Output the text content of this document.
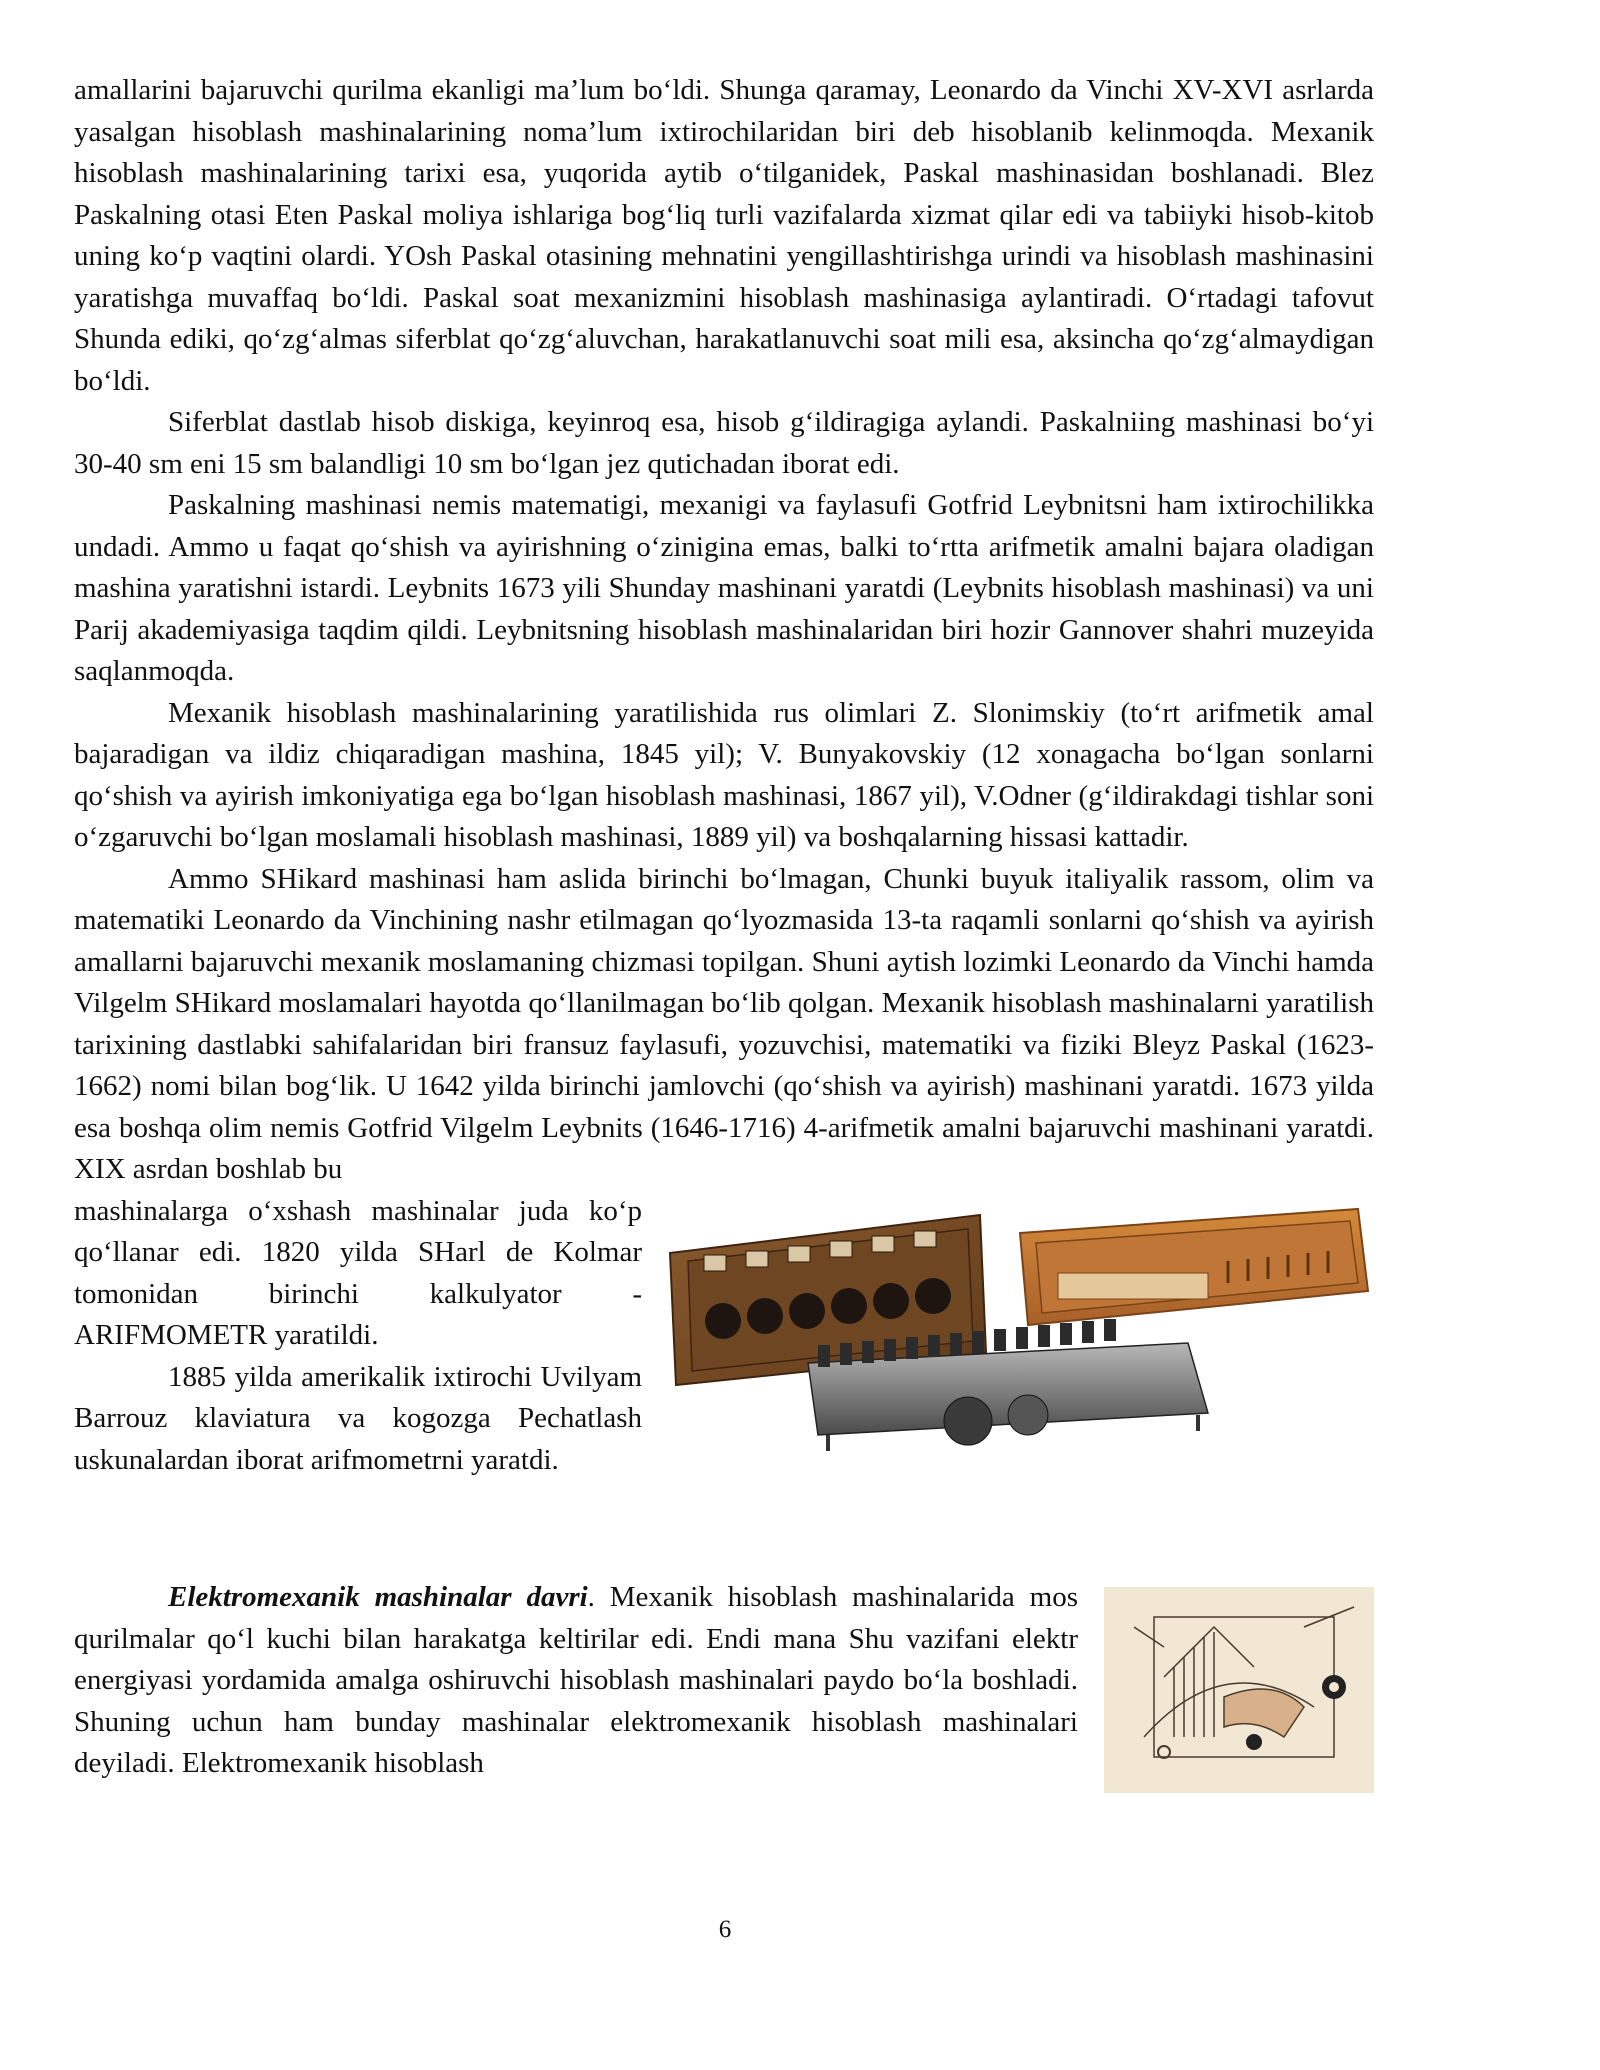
amallarini bajaruvchi qurilma ekanligi ma’lum bo‘ldi. Shunga qaramay, Leonardo da Vinchi XV-XVI asrlarda yasalgan hisoblash mashinalarining noma’lum ixtirochilaridan biri deb hisoblanib kelinmoqda. Mexanik hisoblash mashinalarining tarixi esa, yuqorida aytib o‘tilganidek, Paskal mashinasidan boshlanadi. Blez Paskalning otasi Eten Paskal moliya ishlariga bog‘liq turli vazifalarda xizmat qilar edi va tabiiyki hisob-kitob uning ko‘p vaqtini olardi. YOsh Paskal otasining mehnatini yengillashtirishga urindi va hisoblash mashinasini yaratishga muvaffaq bo‘ldi. Paskal soat mexanizmini hisoblash mashinasiga aylantiradi. O‘rtadagi tafovut Shunda ediki, qo‘zg‘almas siferblat qo‘zg‘aluvchan, harakatlanuvchi soat mili esa, aksincha qo‘zg‘almaydigan bo‘ldi.

Siferblat dastlab hisob diskiga, keyinroq esa, hisob g‘ildiragiga aylandi. Paskalniing mashinasi bo‘yi 30-40 sm eni 15 sm balandligi 10 sm bo‘lgan jez qutichadan iborat edi.

Paskalning mashinasi nemis matematigi, mexanigi va faylasufi Gotfrid Leybnitsni ham ixtirochilikka undadi. Ammo u faqat qo‘shish va ayirishning o‘zinigina emas, balki to‘rtta arifmetik amalni bajara oladigan mashina yaratishni istardi. Leybnits 1673 yili Shunday mashinani yaratdi (Leybnits hisoblash mashinasi) va uni Parij akademiyasiga taqdim qildi. Leybnitsning hisoblash mashinalaridan biri hozir Gannover shahri muzeyida saqlanmoqda.

Mexanik hisoblash mashinalarining yaratilishida rus olimlari Z. Slonimskiy (to‘rt arifmetik amal bajaradigan va ildiz chiqaradigan mashina, 1845 yil); V. Bunyakovskiy (12 xonagacha bo‘lgan sonlarni qo‘shish va ayirish imkoniyatiga ega bo‘lgan hisoblash mashinasi, 1867 yil), V.Odner (g‘ildirakdagi tishlar soni o‘zgaruvchi bo‘lgan moslamali hisoblash mashinasi, 1889 yil) va boshqalarning hissasi kattadir.

Ammo SHikard mashinasi ham aslida birinchi bo‘lmagan, Chunki buyuk italiyalik rassom, olim va matematiki Leonardo da Vinchining nashr etilmagan qo‘lyozmasida 13-ta raqamli sonlarni qo‘shish va ayirish amallarni bajaruvchi mexanik moslamaning chizmasi topilgan. Shuni aytish lozimki Leonardo da Vinchi hamda Vilgelm SHikard moslamalari hayotda qo‘llanilmagan bo‘lib qolgan. Mexanik hisoblash mashinalarni yaratilish tarixining dastlabki sahifalaridan biri fransuz faylasufi, yozuvchisi, matematiki va fiziki Bleyz Paskal (1623-1662) nomi bilan bog‘lik. U 1642 yilda birinchi jamlovchi (qo‘shish va ayirish) mashinani yaratdi. 1673 yilda esa boshqa olim nemis Gotfrid Vilgelm Leybnits (1646-1716) 4-arifmetik amalni bajaruvchi mashinani yaratdi. XIX asrdan boshlab bu

mashinalarga o‘xshash mashinalar juda ko‘p qo‘llanar edi. 1820 yilda SHarl de Kolmar tomonidan birinchi kalkulyator - ARIFMOMETR yaratildi.

1885 yilda amerikalik ixtirochi Uvilyam Barrouz klaviatura va kogozga Pechatlash uskunalardan iborat arifmometrni yaratdi.

Elektromexanik mashinalar davri. Mexanik hisoblash mashinalarida mos qurilmalar qo‘l kuchi bilan harakatga keltirilar edi. Endi mana Shu vazifani elektr energiyasi yordamida amalga oshiruvchi hisoblash mashinalari paydo bo‘la boshladi. Shuning uchun ham bunday mashinalar elektromexanik hisoblash mashinalari deyiladi. Elektromexanik hisoblash

6
